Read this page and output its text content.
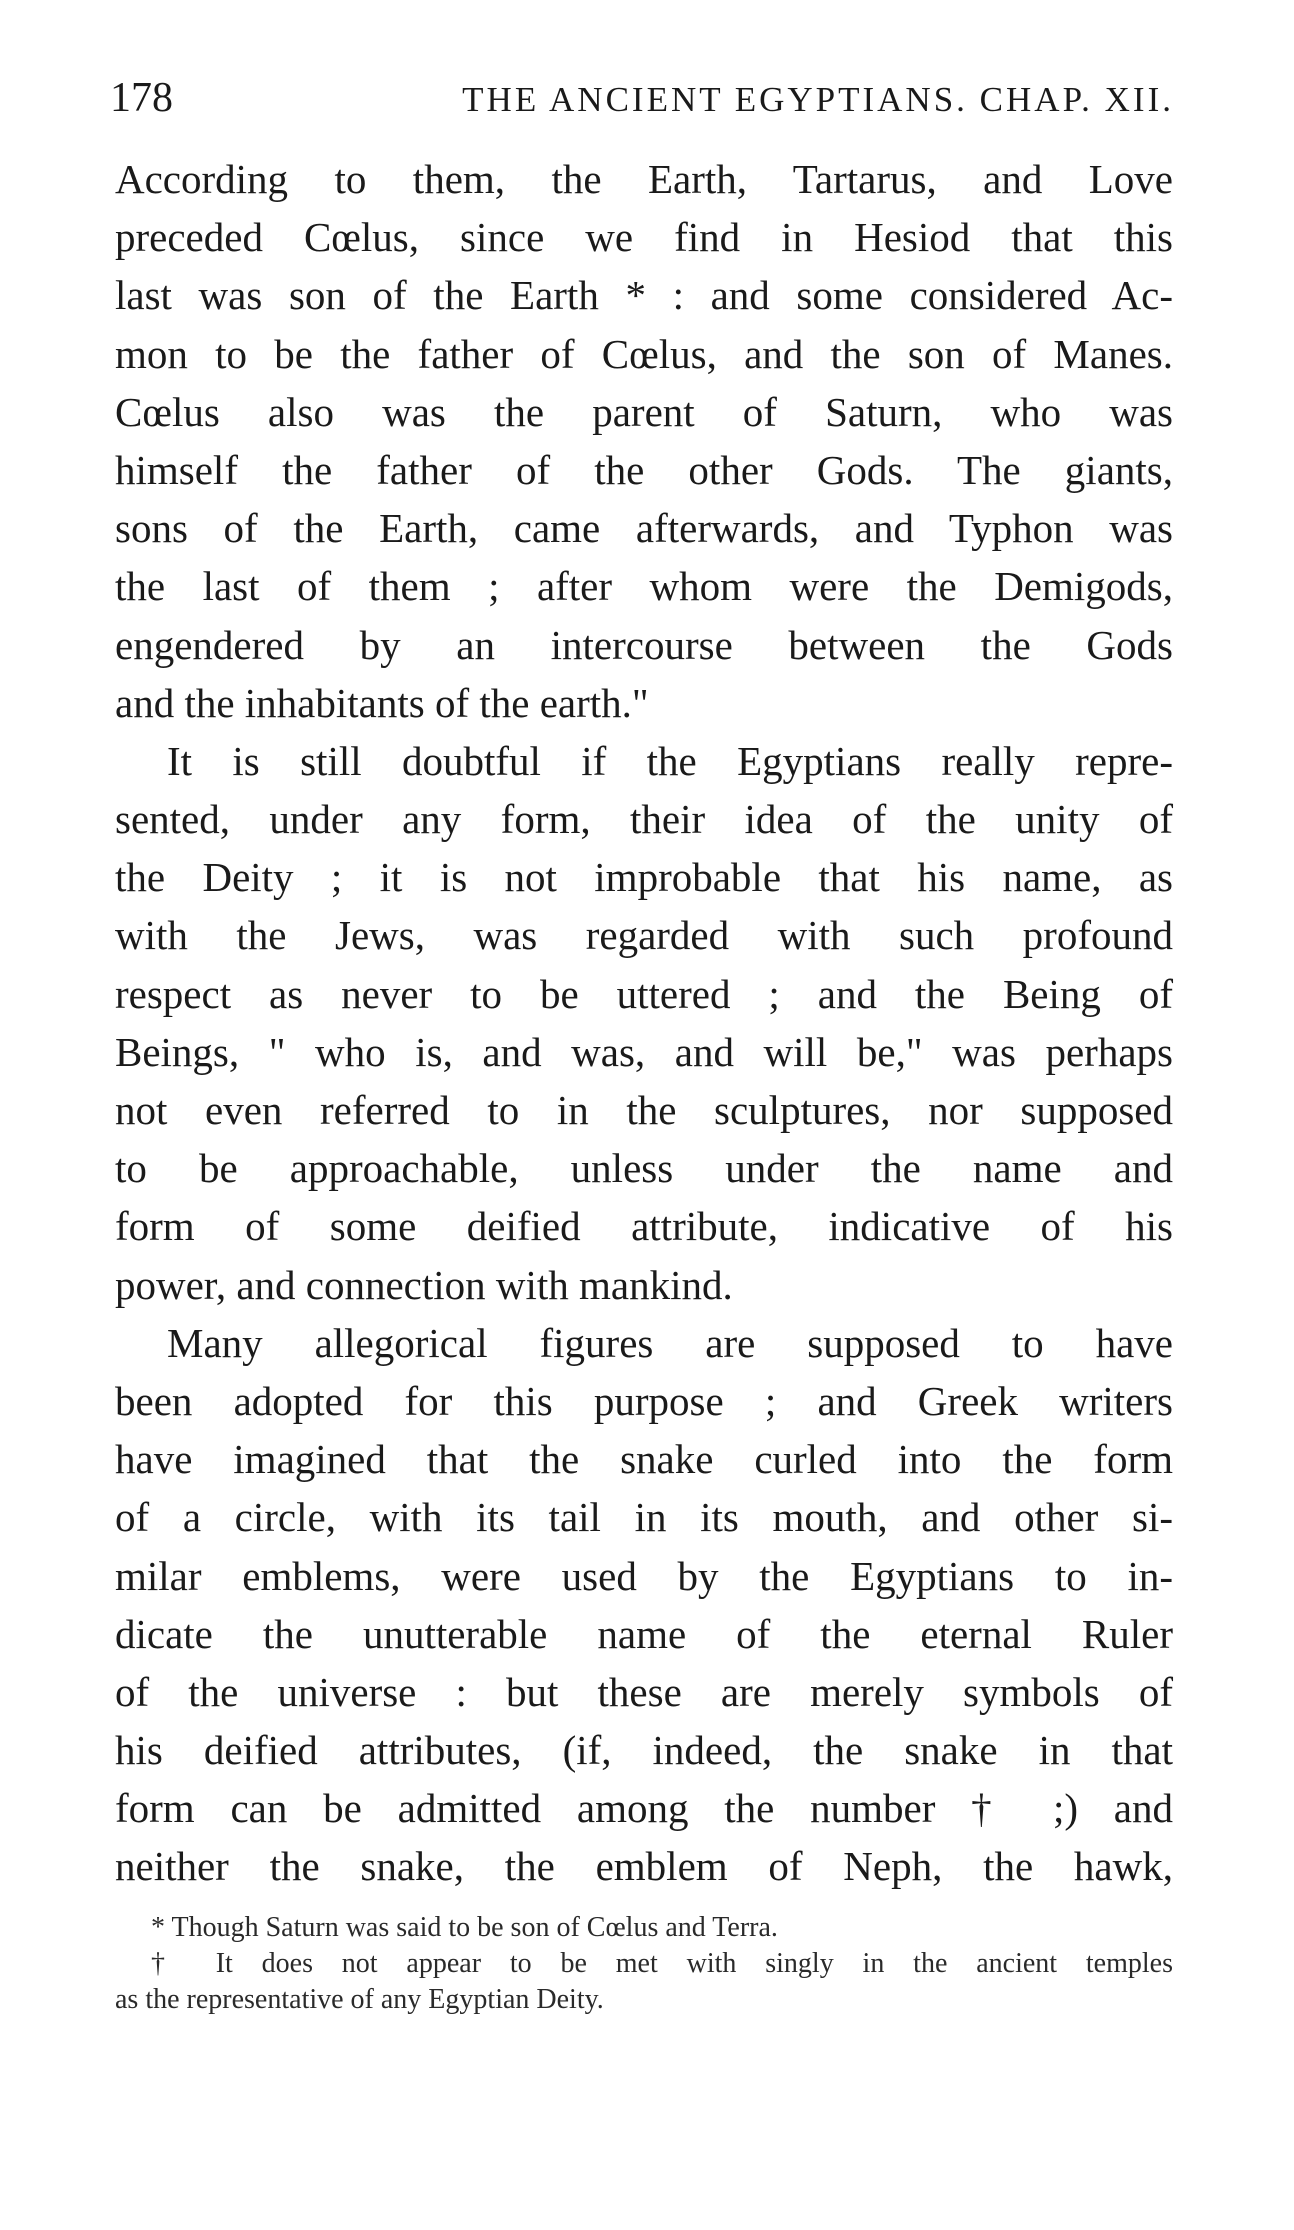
178	THE ANCIENT EGYPTIANS. CHAP. XII.
According to them, the Earth, Tartarus, and Love
preceded Cœlus, since we find in Hesiod that this
last was son of the Earth * : and some considered Ac-
mon to be the father of Cœlus, and the son of Manes.
Cœlus also was the parent of Saturn, who was
himself the father of the other Gods. The giants,
sons of the Earth, came afterwards, and Typhon was
the last of them ; after whom were the Demigods,
engendered by an intercourse between the Gods
and the inhabitants of the earth."
It is still doubtful if the Egyptians really repre-
sented, under any form, their idea of the unity of
the Deity ; it is not improbable that his name, as
with the Jews, was regarded with such profound
respect as never to be uttered ; and the Being of
Beings, " who is, and was, and will be," was perhaps
not even referred to in the sculptures, nor supposed
to be approachable, unless under the name and
form of some deified attribute, indicative of his
power, and connection with mankind.
Many allegorical figures are supposed to have
been adopted for this purpose ; and Greek writers
have imagined that the snake curled into the form
of a circle, with its tail in its mouth, and other si-
milar emblems, were used by the Egyptians to in-
dicate the unutterable name of the eternal Ruler
of the universe : but these are merely symbols of
his deified attributes, (if, indeed, the snake in that
form can be admitted among the number † ;) and
neither the snake, the emblem of Neph, the hawk,
* Though Saturn was said to be son of Cœlus and Terra.
† It does not appear to be met with singly in the ancient temples
as the representative of any Egyptian Deity.
